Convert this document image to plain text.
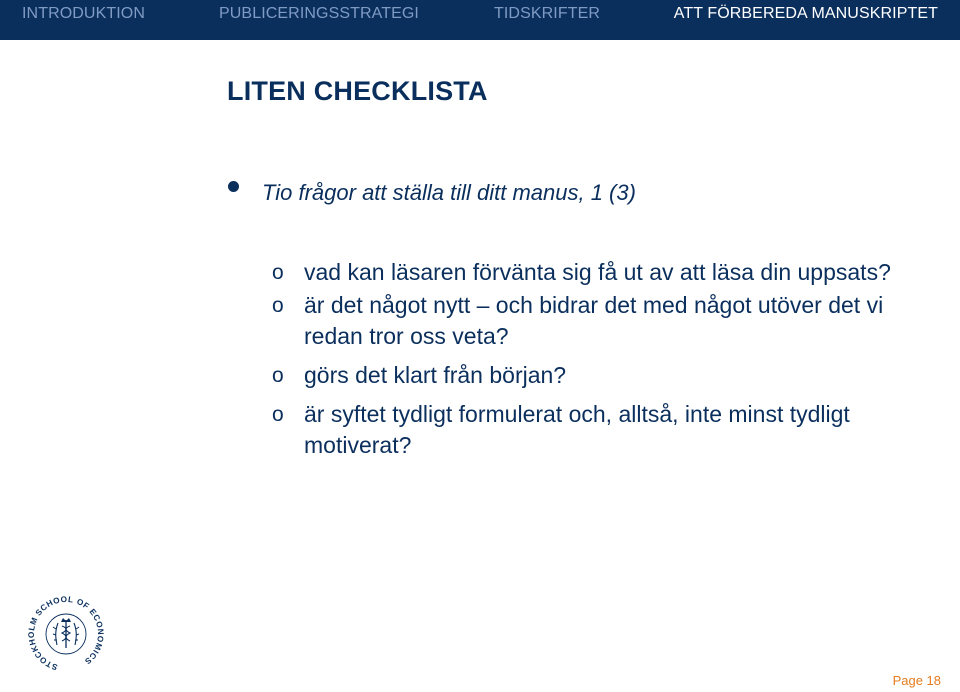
INTRODUKTION	PUBLICERINGSSTRATEGI	TIDSKRIFTER	ATT FÖRBEREDA MANUSKRIPTET
LITEN CHECKLISTA
Tio frågor att ställa till ditt manus, 1 (3)
o vad kan läsaren förvänta sig få ut av att läsa din uppsats?
o är det något nytt – och bidrar det med något utöver det vi redan tror oss veta?
o görs det klart från början?
o är syftet tydligt formulerat och, alltså, inte minst tydligt motiverat?
STOCKHOLM SCHOOL OF ECONOMICS
Page 18
